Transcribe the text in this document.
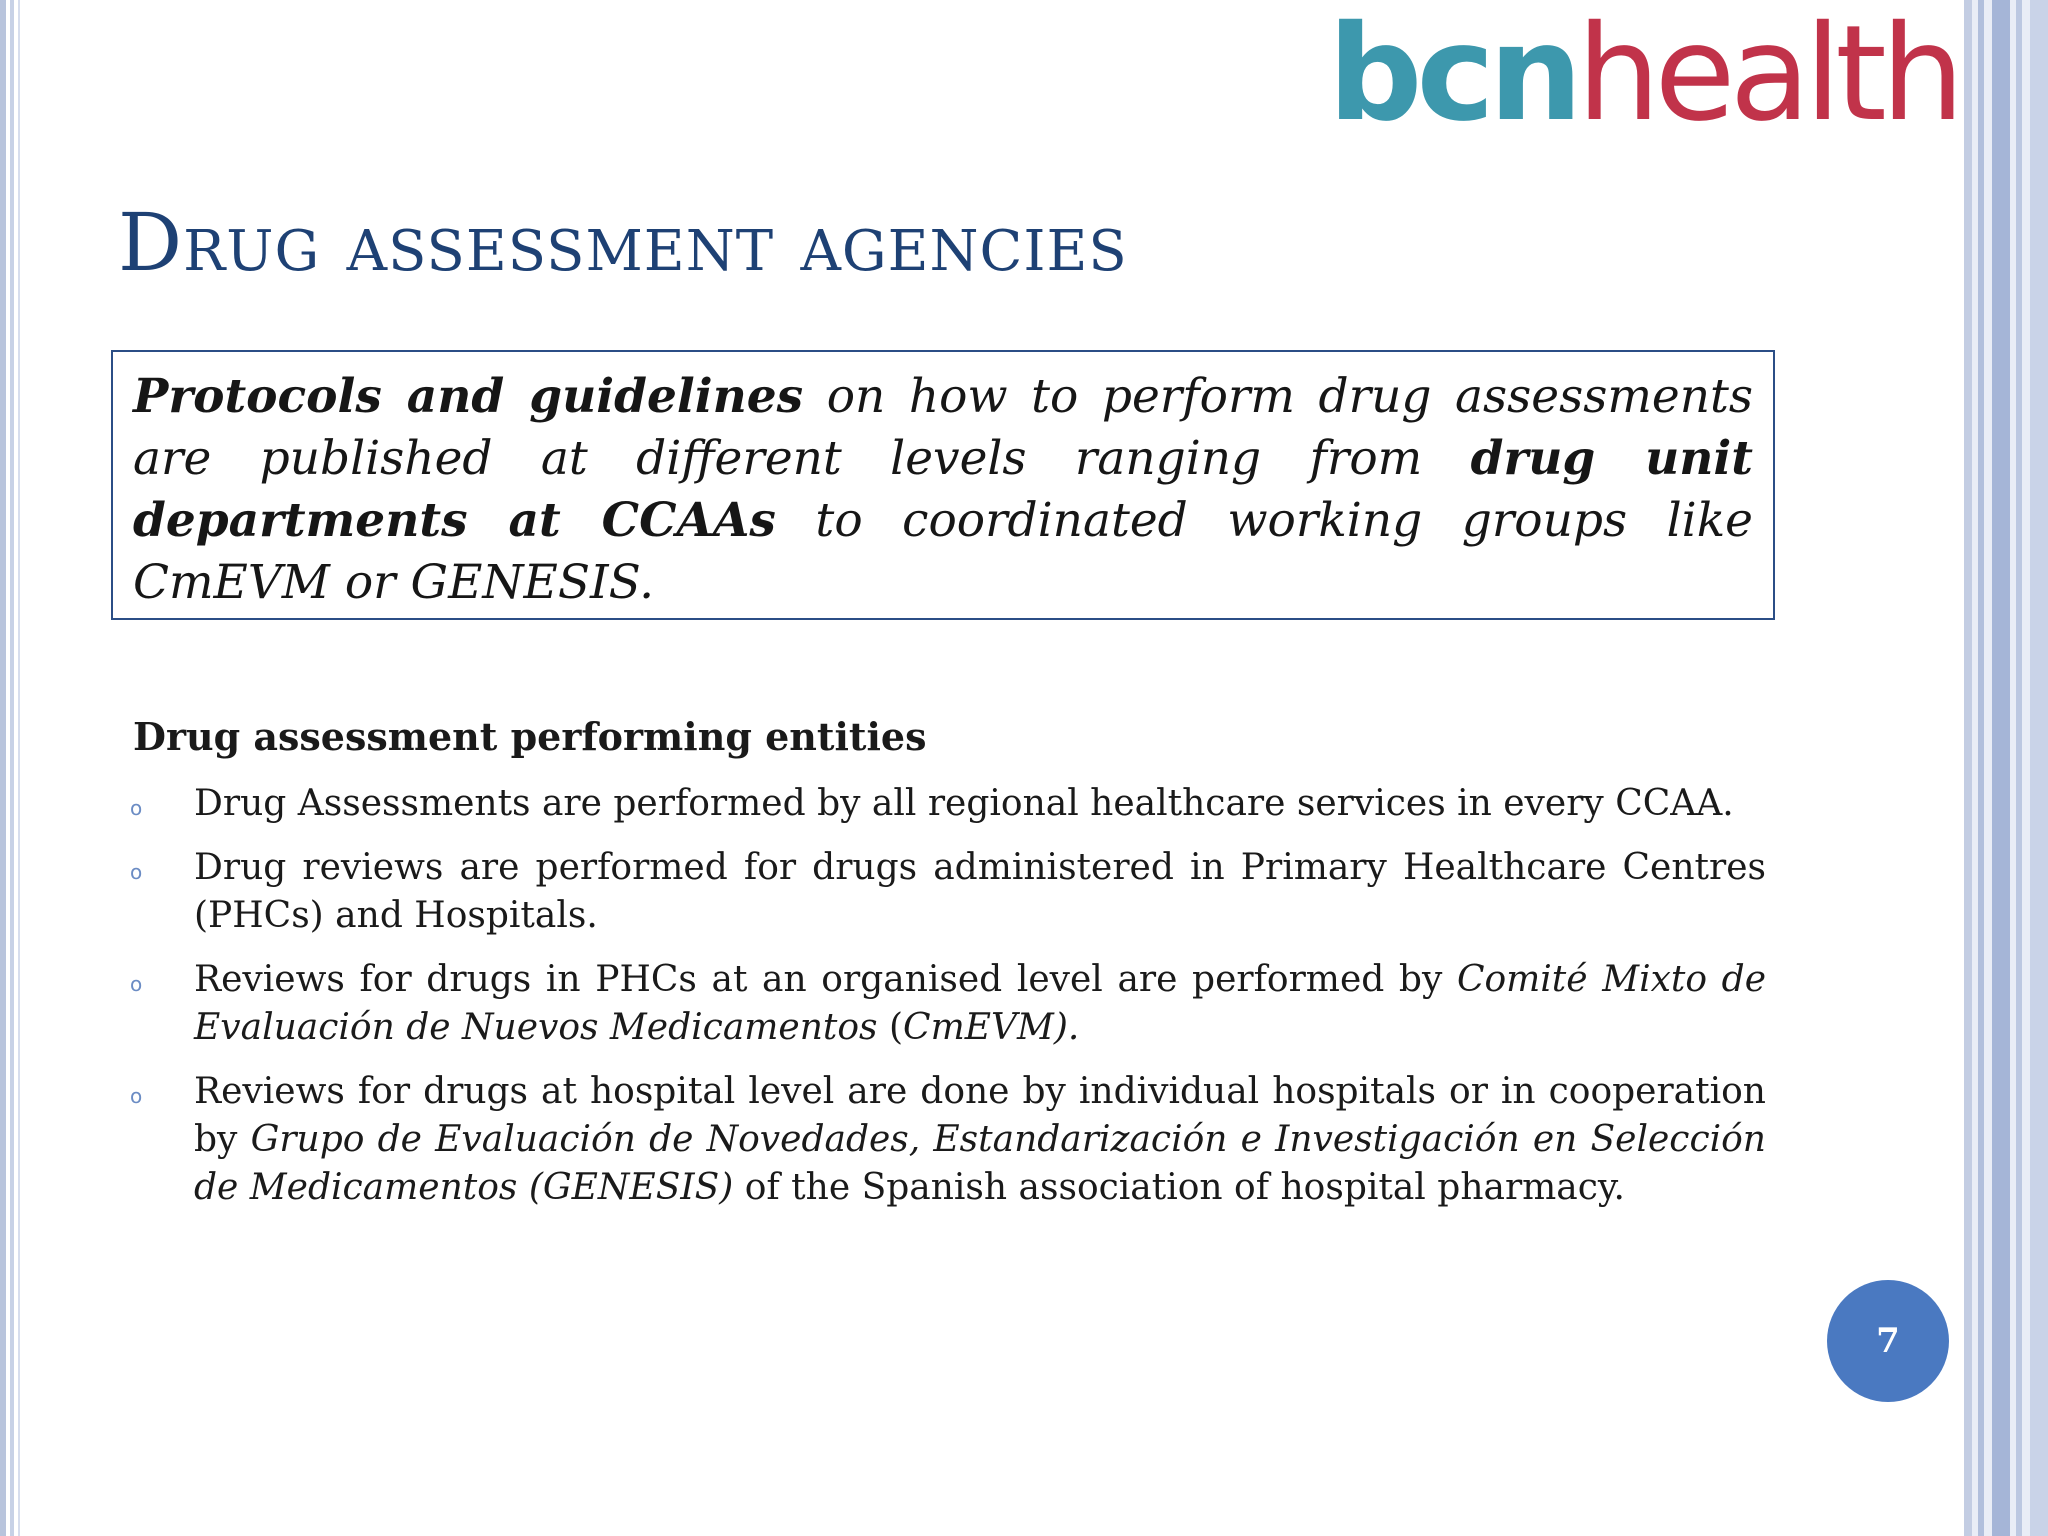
bcnhealth
Drug assessment agencies
Protocols and guidelines on how to perform drug assessments are published at different levels ranging from drug unit departments at CCAAs to coordinated working groups like CmEVM or GENESIS.
Drug assessment performing entities
o Drug Assessments are performed by all regional healthcare services in every CCAA.
o Drug reviews are performed for drugs administered in Primary Healthcare Centres (PHCs) and Hospitals.
o Reviews for drugs in PHCs at an organised level are performed by Comité Mixto de Evaluación de Nuevos Medicamentos (CmEVM).
o Reviews for drugs at hospital level are done by individual hospitals or in cooperation by Grupo de Evaluación de Novedades, Estandarización e Investigación en Selección de Medicamentos (GENESIS) of the Spanish association of hospital pharmacy.
7
